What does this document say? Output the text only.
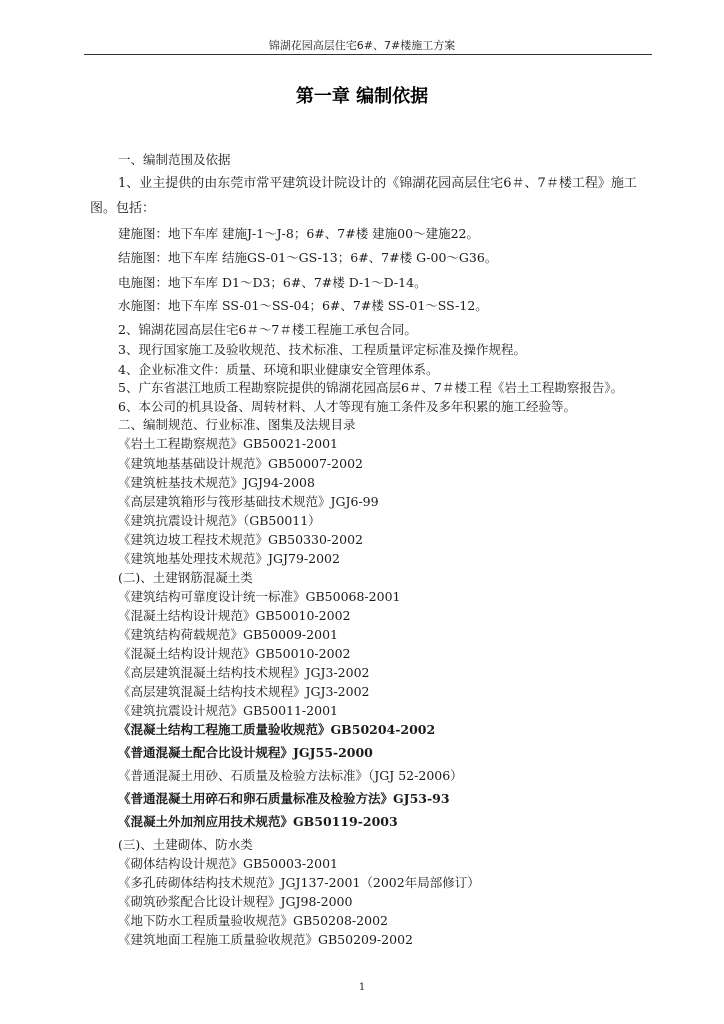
锦湖花园高层住宅6#、7#楼施工方案
第一章 编制依据
一、编制范围及依据
1、业主提供的由东莞市常平建筑设计院设计的《锦湖花园高层住宅6＃、7＃楼工程》施工
图。包括：
建施图：地下车库 建施J-1～J-8；6#、7#楼 建施00～建施22。
结施图：地下车库 结施GS-01～GS-13；6#、7#楼 G-00～G36。
电施图：地下车库 D1～D3；6#、7#楼 D-1～D-14。
水施图：地下车库 SS-01～SS-04；6#、7#楼 SS-01～SS-12。
2、锦湖花园高层住宅6＃～7＃楼工程施工承包合同。
3、现行国家施工及验收规范、技术标准、工程质量评定标准及操作规程。
4、企业标准文件：质量、环境和职业健康安全管理体系。
5、广东省湛江地质工程勘察院提供的锦湖花园高层6＃、7＃楼工程《岩土工程勘察报告》。
6、本公司的机具设备、周转材料、人才等现有施工条件及多年积累的施工经验等。
二、编制规范、行业标准、图集及法规目录
《岩土工程勘察规范》GB50021-2001
《建筑地基基础设计规范》GB50007-2002
《建筑桩基技术规范》JGJ94-2008
《高层建筑箱形与筏形基础技术规范》JGJ6-99
《建筑抗震设计规范》（GB50011）
《建筑边坡工程技术规范》GB50330-2002
《建筑地基处理技术规范》JGJ79-2002
(二)、土建钢筋混凝土类
《建筑结构可靠度设计统一标准》GB50068-2001
《混凝土结构设计规范》GB50010-2002
《建筑结构荷载规范》GB50009-2001
《混凝土结构设计规范》GB50010-2002
《高层建筑混凝土结构技术规程》JGJ3-2002
《高层建筑混凝土结构技术规程》JGJ3-2002
《建筑抗震设计规范》GB50011-2001
《混凝土结构工程施工质量验收规范》GB50204-2002
《普通混凝土配合比设计规程》JGJ55-2000
《普通混凝土用砂、石质量及检验方法标准》（JGJ 52-2006）
《普通混凝土用碎石和卵石质量标准及检验方法》GJ53-93
《混凝土外加剂应用技术规范》GB50119-2003
(三)、土建砌体、防水类
《砌体结构设计规范》GB50003-2001
《多孔砖砌体结构技术规范》JGJ137-2001（2002年局部修订）
《砌筑砂浆配合比设计规程》JGJ98-2000
《地下防水工程质量验收规范》GB50208-2002
《建筑地面工程施工质量验收规范》GB50209-2002
1
